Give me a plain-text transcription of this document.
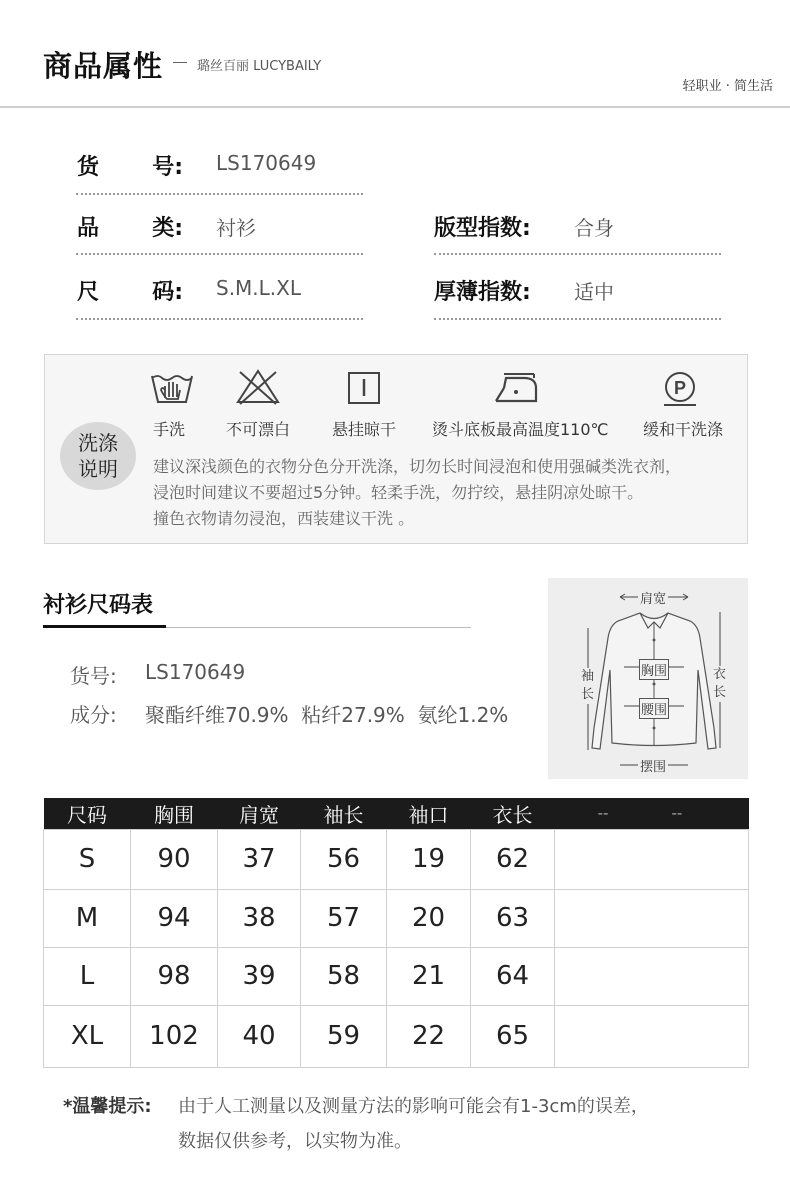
商品属性	璐丝百丽 LUCYBAILY
轻职业 · 简生活
货 号: LS170649
品 类: 衬衫
尺 码: S.M.L.XL
版型指数: 合身
厚薄指数: 适中
洗涤
说明
P
手洗	不可漂白	悬挂晾干 烫斗底板最高温度110℃ 缓和干洗涤
建议深浅颜色的衣物分色分开洗涤，切勿长时间浸泡和使用强碱类洗衣剂，
浸泡时间建议不要超过5分钟。轻柔手洗，勿拧绞，悬挂阴凉处晾干。
撞色衣物请勿浸泡，西装建议干洗 。
衬衫尺码表
货号: LS170649
成分: 聚酯纤维70.9%  粘纤27.9%  氨纶1.2%
肩宽
胸围
腰围
摆围
袖
长
衣
长
尺码	胸围	肩宽	袖长	袖口	衣长	--	--
S	90	37	56	19	62		
M	94	38	57	20	63		
L	98	39	58	21	64		
XL	102	40	59	22	65		
*温馨提示: 由于人工测量以及测量方法的影响可能会有1-3cm的误差，
数据仅供参考，以实物为准。
